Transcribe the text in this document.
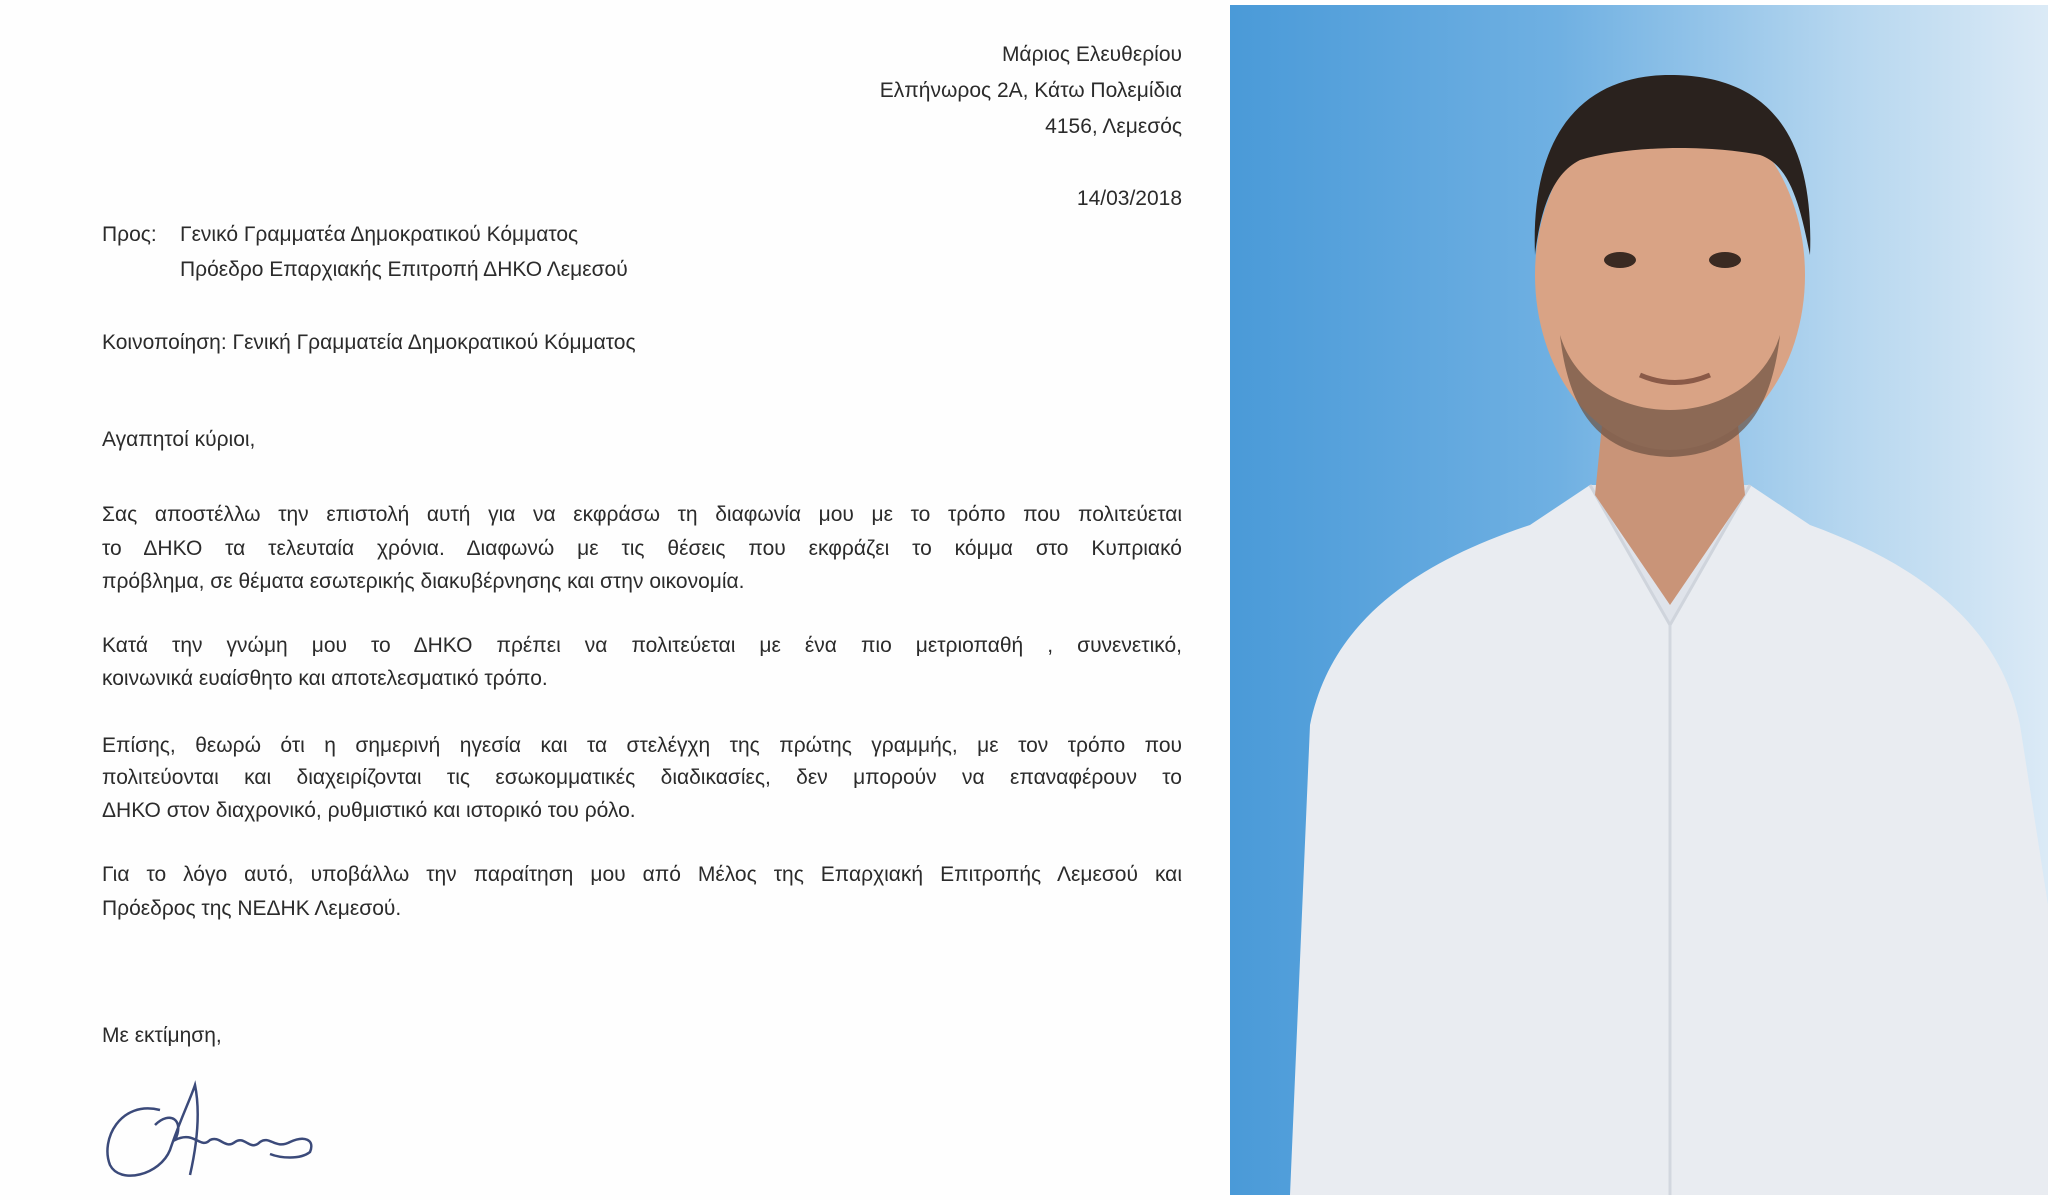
Μάριος Ελευθερίου
Ελπήνωρος 2Α, Κάτω Πολεμίδια
4156, Λεμεσός
14/03/2018
Προς: Γενικό Γραμματέα Δημοκρατικού Κόμματος
Πρόεδρο Επαρχιακής Επιτροπή ΔΗΚΟ Λεμεσού
Κοινοποίηση: Γενική Γραμματεία Δημοκρατικού Κόμματος
Αγαπητοί κύριοι,
Σας αποστέλλω την επιστολή αυτή για να εκφράσω τη διαφωνία μου με το τρόπο που πολιτεύεται
το ΔΗΚΟ τα τελευταία χρόνια. Διαφωνώ με τις θέσεις που εκφράζει το κόμμα στο Κυπριακό
πρόβλημα, σε θέματα εσωτερικής διακυβέρνησης και στην οικονομία.
Κατά την γνώμη μου το ΔΗΚΟ πρέπει να πολιτεύεται με ένα πιο μετριοπαθή , συνενετικό,
κοινωνικά ευαίσθητο και αποτελεσματικό τρόπο.
Επίσης, θεωρώ ότι η σημερινή ηγεσία και τα στελέγχη της πρώτης γραμμής, με τον τρόπο που
πολιτεύονται και διαχειρίζονται τις εσωκομματικές διαδικασίες, δεν μπορούν να επαναφέρουν το
ΔΗΚΟ στον διαχρονικό, ρυθμιστικό και ιστορικό του ρόλο.
Για το λόγο αυτό, υποβάλλω την παραίτηση μου από Μέλος της Επαρχιακή Επιτροπής Λεμεσού και
Πρόεδρος της ΝΕΔΗΚ Λεμεσού.
Με εκτίμηση,
